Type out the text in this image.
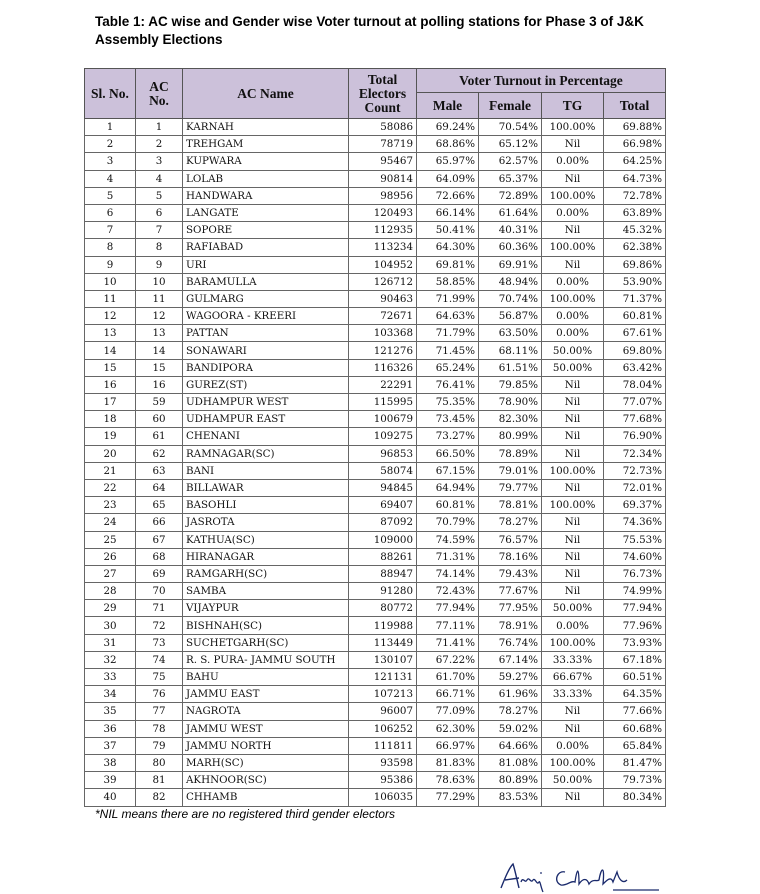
Table 1: AC wise and Gender wise Voter turnout at polling stations for Phase 3 of J&K Assembly Elections
Sl. No.	AC No.	AC Name	Total Electors Count	Voter Turnout in Percentage			
				Male	Female	TG	Total
1	1	KARNAH	58086	69.24%	70.54%	100.00%	69.88%
2	2	TREHGAM	78719	68.86%	65.12%	Nil	66.98%
3	3	KUPWARA	95467	65.97%	62.57%	0.00%	64.25%
4	4	LOLAB	90814	64.09%	65.37%	Nil	64.73%
5	5	HANDWARA	98956	72.66%	72.89%	100.00%	72.78%
6	6	LANGATE	120493	66.14%	61.64%	0.00%	63.89%
7	7	SOPORE	112935	50.41%	40.31%	Nil	45.32%
8	8	RAFIABAD	113234	64.30%	60.36%	100.00%	62.38%
9	9	URI	104952	69.81%	69.91%	Nil	69.86%
10	10	BARAMULLA	126712	58.85%	48.94%	0.00%	53.90%
11	11	GULMARG	90463	71.99%	70.74%	100.00%	71.37%
12	12	WAGOORA - KREERI	72671	64.63%	56.87%	0.00%	60.81%
13	13	PATTAN	103368	71.79%	63.50%	0.00%	67.61%
14	14	SONAWARI	121276	71.45%	68.11%	50.00%	69.80%
15	15	BANDIPORA	116326	65.24%	61.51%	50.00%	63.42%
16	16	GUREZ(ST)	22291	76.41%	79.85%	Nil	78.04%
17	59	UDHAMPUR WEST	115995	75.35%	78.90%	Nil	77.07%
18	60	UDHAMPUR EAST	100679	73.45%	82.30%	Nil	77.68%
19	61	CHENANI	109275	73.27%	80.99%	Nil	76.90%
20	62	RAMNAGAR(SC)	96853	66.50%	78.89%	Nil	72.34%
21	63	BANI	58074	67.15%	79.01%	100.00%	72.73%
22	64	BILLAWAR	94845	64.94%	79.77%	Nil	72.01%
23	65	BASOHLI	69407	60.81%	78.81%	100.00%	69.37%
24	66	JASROTA	87092	70.79%	78.27%	Nil	74.36%
25	67	KATHUA(SC)	109000	74.59%	76.57%	Nil	75.53%
26	68	HIRANAGAR	88261	71.31%	78.16%	Nil	74.60%
27	69	RAMGARH(SC)	88947	74.14%	79.43%	Nil	76.73%
28	70	SAMBA	91280	72.43%	77.67%	Nil	74.99%
29	71	VIJAYPUR	80772	77.94%	77.95%	50.00%	77.94%
30	72	BISHNAH(SC)	119988	77.11%	78.91%	0.00%	77.96%
31	73	SUCHETGARH(SC)	113449	71.41%	76.74%	100.00%	73.93%
32	74	R. S. PURA- JAMMU SOUTH	130107	67.22%	67.14%	33.33%	67.18%
33	75	BAHU	121131	61.70%	59.27%	66.67%	60.51%
34	76	JAMMU EAST	107213	66.71%	61.96%	33.33%	64.35%
35	77	NAGROTA	96007	77.09%	78.27%	Nil	77.66%
36	78	JAMMU WEST	106252	62.30%	59.02%	Nil	60.68%
37	79	JAMMU NORTH	111811	66.97%	64.66%	0.00%	65.84%
38	80	MARH(SC)	93598	81.83%	81.08%	100.00%	81.47%
39	81	AKHNOOR(SC)	95386	78.63%	80.89%	50.00%	79.73%
40	82	CHHAMB	106035	77.29%	83.53%	Nil	80.34%
*NIL means there are no registered third gender electors
